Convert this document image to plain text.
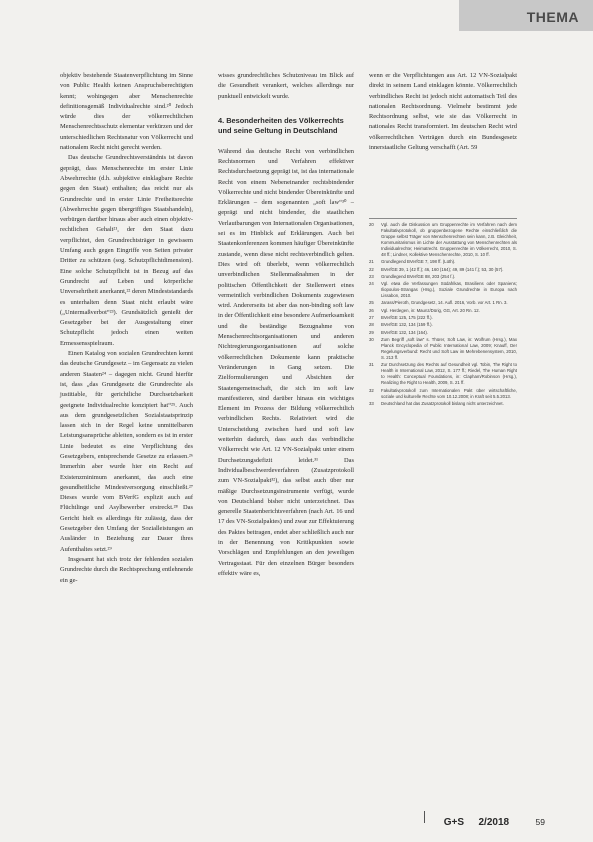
THEMA

objektiv bestehende Staatenverpflichtung im Sinne von Public Health keinen Anspruchsberechtigten kennt; wohingegen aber Menschenrechte definitionsgemäß Individualrechte sind.²⁰ Jedoch würde dies der völkerrechtlichen Menschenrechtsschutz elementar verkürzen und der unterschiedlichen Rechtsnatur von Völkerrecht und nationalem Recht nicht gerecht werden.

Das deutsche Grundrechtsverständnis ist davon geprägt, dass Menschenrechte im erster Linie Abwehrrechte (d.h. subjektive einklagbare Rechte gegen den Staat) enthalten; das reicht nur als Grundrechte und in erster Linie Freiheitsrechte (Abwehrrechte gegen übergriffiges Staatshandeln), verbürgen darüber hinaus aber auch einen objektiv-rechtlichen Gehalt²¹, der den Staat dazu verpflichtet, den Grundrechtsträger in gewissem Umfang auch gegen Eingriffe von Seiten privater Dritter zu schützen (sog. Schutzpflichtdimension). Eine solche Schutzpflicht ist in Bezug auf das Grundrecht auf Leben und körperliche Unversehrtheit anerkannt,²² deren Mindeststandards es unterhalten denn Staat nicht erlaubt wäre („Untermaßverbot“²³). Grundsätzlich genießt der Gesetzgeber bei der Ausgestaltung einer Schutzpflicht jedoch einen weiten Ermessensspielraum.

Einen Katalog von sozialen Grundrechten kennt das deutsche Grundgesetz – im Gegensatz zu vielen anderen Staaten²⁴ – dagegen nicht. Grund hierfür ist, dass „das Grundgesetz die Grundrechte als justitiable, für gerichtliche Durchsetzbarkeit geeignete Individualrechte konzipiert hat“²⁵. Auch aus dem grundgesetzlichen Sozialstaatsprinzip lassen sich in der Regel keine unmittelbaren Leistungsansprüche ableiten, sondern es ist in erster Linie bedeutet es eine Verpflichtung des Gesetzgebers, entsprechende Gesetze zu erlassen.²⁶ Immerhin aber wurde hier ein Recht auf Existenzminimum anerkannt, das auch eine gesundheitliche Mindestversorgung einschließt.²⁷ Dieses wurde vom BVerfG explizit auch auf Flüchtlinge und Asylbewerber erstreckt.²⁸ Das Gericht hielt es allerdings für zulässig, dass der Gesetzgeber den Umfang der Sozialleistungen an Ausländer in Beziehung zur Dauer ihres Aufenthaltes setzt.²⁹

Insgesamt hat sich trotz der fehlenden sozialen Grundrechte durch die Rechtsprechung entlehnende ein ge-

wisses grundrechtliches Schutzniveau im Blick auf die Gesundheit verankert, welches allerdings nur punktuell entwickelt wurde.

4. Besonderheiten des Völkerrechts und seine Geltung in Deutschland

Während das deutsche Recht von verbindlichen Rechtsnormen und Verfahren effektiver Rechtsdurchsetzung geprägt ist, ist das internationale Recht von einem Nebeneinander rechtsbindender Völkerrechte und nicht bindender Übereinkünfte und Erklärungen – dem sogenannten „soft law“³⁰ – geprägt und nicht bindender, die staatlichen Verlautbarungen von Internationalen Organisationen, sei es im Hinblick auf Erklärungen. Auch bei Staatenkonferenzen kommen häufiger Übereinkünfte zustande, wenn diese nicht rechtsverbindlich gelten. Dies wird oft überlebt, wenn völkerrechtlich unverbindlichen Stellenmaßnahmen in der politischen Öffentlichkeit der Stellenwert eines vermeintlich verbindlichen Dokuments zugewiesen wird. Andererseits ist aber das non-binding soft law in der Öffentlichkeit eine besondere Aufmerksamkeit und die beständige Bezugnahme von Menschenrechtsorganisationen und anderen Nichtregierungsorganisationen auf solche völkerrechtlichen Dokumente kann praktische Veränderungen in Gang setzen. Die Zielformulierungen und Absichten der Staatengemeinschaft, die sich im soft law manifestieren, sind darüber hinaus ein wichtiges Element im Prozess der Bildung völkerrechtlich verbindlichen Rechts. Relativiert wird die Unterscheidung zwischen hard und soft law weiterhin dadurch, dass auch das verbindliche Völkerrecht wie Art. 12 VN-Sozialpakt unter einem Durchsetzungsdefizit leidet.³¹ Das Individualbeschwerdeverfahren (Zusatzprotokoll zum VN-Sozialpakt³²), das selbst auch über nur mäßige Durchsetzungsinstrumente verfügt, wurde von Deutschland bisher nicht unterzeichnet. Das generelle Staatenberichtsverfahren (nach Art. 16 und 17 des VN-Sozialpaktes) und zwar zur Effektuierung des Paktes beitragen, endet aber schließlich auch nur in der Benennung von Kritikpunkten sowie Vorschlägen und Empfehlungen an den jeweiligen Vertragsstaat. Für den einzelnen Bürger besonders effektiv wäre es,

wenn er die Verpflichtungen aus Art. 12 VN-Sozialpakt direkt in seinem Land einklagen könnte. Völkerrechtlich verbindliches Recht ist jedoch nicht automatisch Teil des nationalen Rechtsordnung. Vielmehr bestimmt jede Rechtsordnung selbst, wie sie das Völkerrecht in nationales Recht transformiert. Im deutschen Recht wird völkerrechtlichen Verträgen durch ein Bundesgesetz innerstaatliche Geltung verschafft (Art. 59

20	Vgl. auch die Diskussion um Gruppenrechte im Verfahren nach dem Fakultativprotokoll, ob gruppenbezogene Rechte einschließlich die Gruppe selbst Träger von Menschenrechten sein kann, z.B. Gleichheit, Kommunitarismus im Lichte der Ausstattung von Menschenrechten als Individualrechte; Heimatrecht. Gruppenrechte im Völkerrecht, 2010, S. 48 ff.; Lindner, Kollektive Menschenrechte, 2010, S. 10 ff.
21	Grundlegend BVerfGE 7, 198 ff. (Lüth).
22	BVerfGE 39, 1 (42 ff.); 46, 160 (164); 49, 89 (141 f.); 53, 30 (57).
23	Grundlegend BVerfGE 88, 203 (254 f.).
24	Vgl. etwa die Verfassungen Südafrikas, Brasiliens oder Spaniens; Iliopoulos-Strangas (Hrsg.), Soziale Grundrechte in Europa nach Lissabon, 2010.
25	Jarass/Pieroth, Grundgesetz, 14. Aufl. 2016, Vorb. vor Art. 1 Rn. 3.
26	Vgl. Herdegen, in: Maunz/Dürig, GG, Art. 20 Rn. 12.
27	BVerfGE 125, 175 (222 ff.).
28	BVerfGE 132, 134 (159 ff.).
29	BVerfGE 132, 134 (164).
30	Zum Begriff „soft law“ s. Thürer, Soft Law, in: Wolfrum (Hrsg.), Max Planck Encyclopedia of Public International Law, 2009; Knauff, Der Regelungsverbund: Recht und Soft Law im Mehrebenensystem, 2010, S. 213 ff.
31	Zur Durchsetzung des Rechts auf Gesundheit vgl. Tobin, The Right to Health in International Law, 2012, S. 177 ff.; Riedel, The Human Right to Health: Conceptual Foundations, in: Clapham/Robinson (Hrsg.), Realizing the Right to Health, 2009, S. 21 ff.
32	Fakultativprotokoll zum Internationalen Pakt über wirtschaftliche, soziale und kulturelle Rechte vom 10.12.2008; in Kraft seit 5.5.2013.
33	Deutschland hat das Zusatzprotokoll bislang nicht unterzeichnet.
G+S 2/2018	59
